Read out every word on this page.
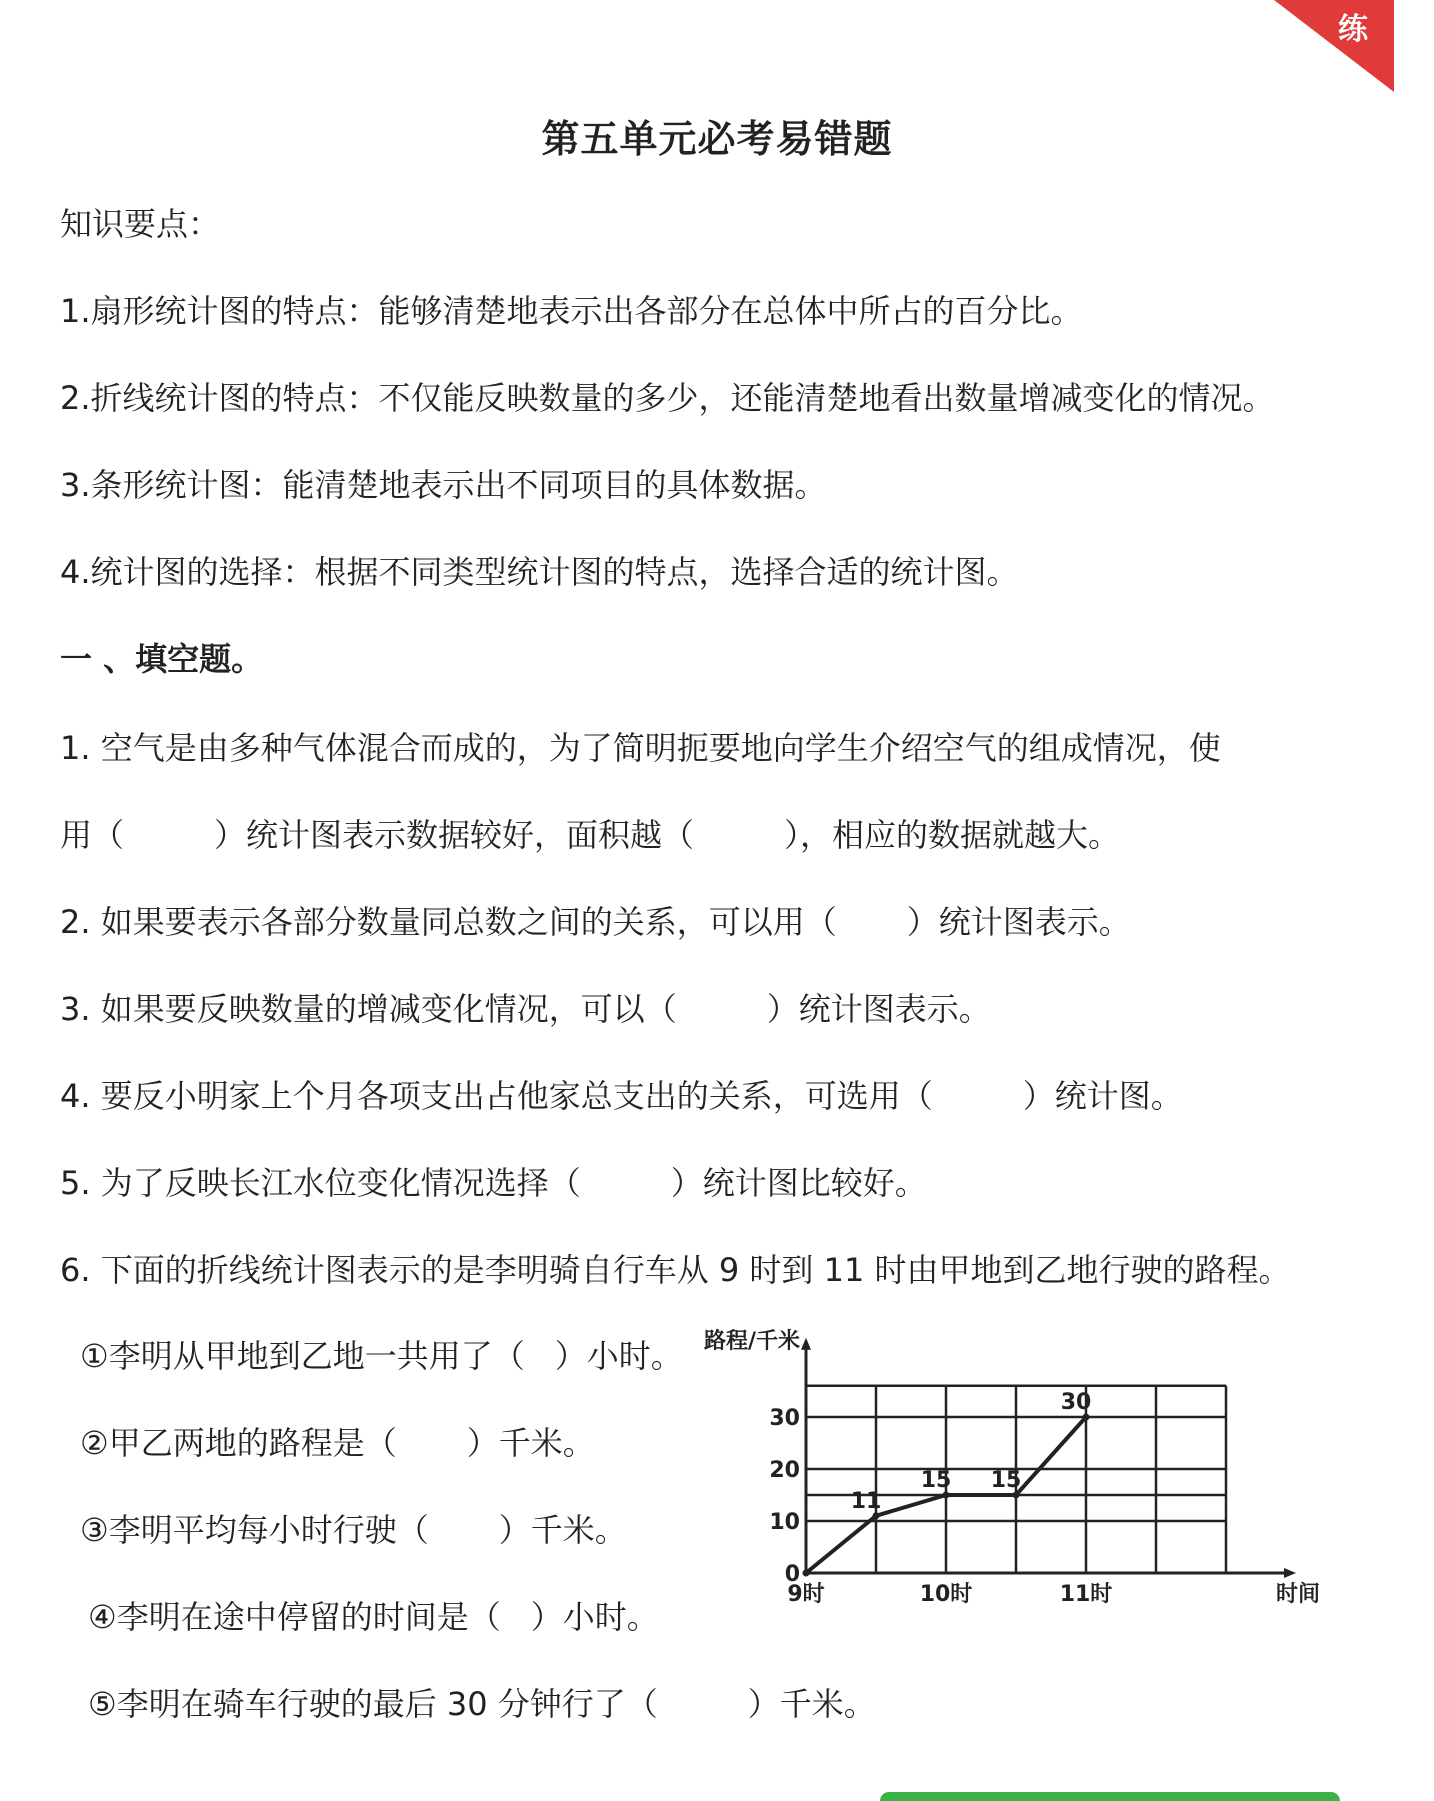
练
第五单元必考易错题
知识要点：
1.扇形统计图的特点：能够清楚地表示出各部分在总体中所占的百分比。
2.折线统计图的特点：不仅能反映数量的多少，还能清楚地看出数量增减变化的情况。
3.条形统计图：能清楚地表示出不同项目的具体数据。
4.统计图的选择：根据不同类型统计图的特点，选择合适的统计图。
一 、填空题。
1. 空气是由多种气体混合而成的，为了简明扼要地向学生介绍空气的组成情况，使
用（	）统计图表示数据较好，面积越（	），相应的数据就越大。
2. 如果要表示各部分数量同总数之间的关系，可以用（ ）统计图表示。
3. 如果要反映数量的增减变化情况，可以（	）统计图表示。
4. 要反小明家上个月各项支出占他家总支出的关系，可选用（	）统计图。
5. 为了反映长江水位变化情况选择（	）统计图比较好。
6. 下面的折线统计图表示的是李明骑自行车从 9 时到 11 时由甲地到乙地行驶的路程。
①李明从甲地到乙地一共用了（ ）小时。
②甲乙两地的路程是（ ）千米。
③李明平均每小时行驶（ ）千米。
④李明在途中停留的时间是（ ）小时。
⑤李明在骑车行驶的最后 30 分钟行了（	）千米。
0
10
20
30
9时	10时	11时
路程/千米
时间
11
15 15
30
